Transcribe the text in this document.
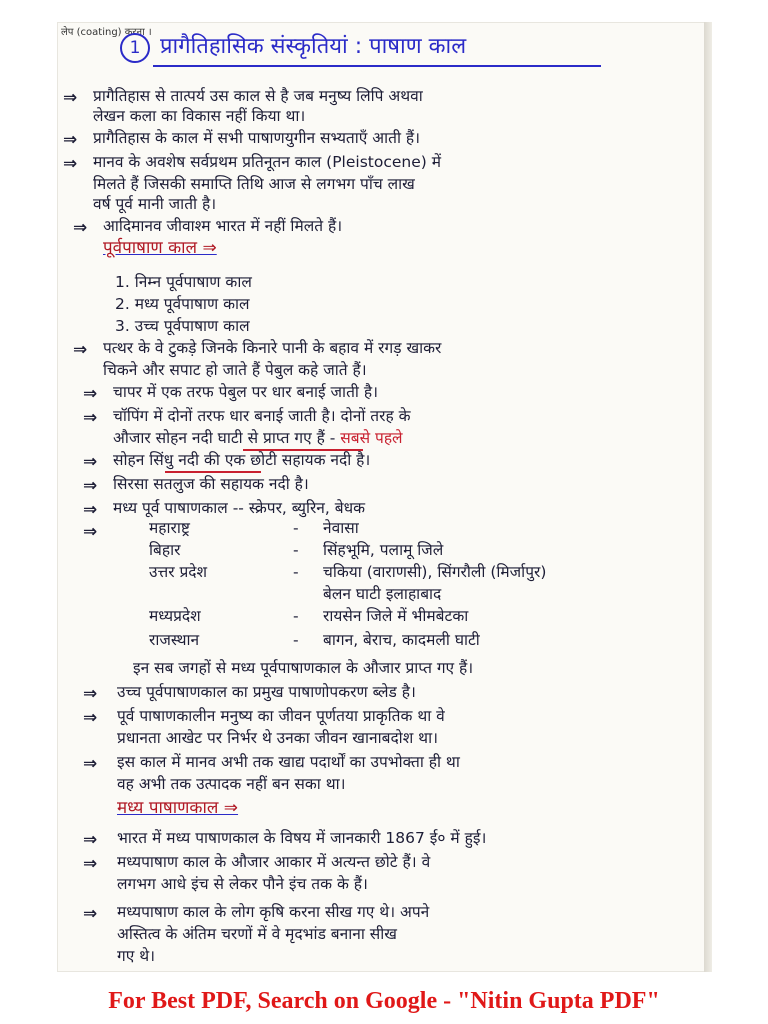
लेप (coating) करना ।
1 प्रागैतिहासिक संस्कृतियां : पाषाण काल
⇒ प्रागैतिहास से तात्पर्य उस काल से है जब मनुष्य लिपि अथवा
लेखन कला का विकास नहीं किया था।
⇒ प्रागैतिहास के काल में सभी पाषाणयुगीन सभ्यताएँ आती हैं।
⇒ मानव के अवशेष सर्वप्रथम प्रतिनूतन काल (Pleistocene) में
मिलते हैं जिसकी समाप्ति तिथि आज से लगभग पाँच लाख
वर्ष पूर्व मानी जाती है।
⇒ आदिमानव जीवाश्म भारत में नहीं मिलते हैं।
पूर्वपाषाण काल ⇒
1. निम्न पूर्वपाषाण काल
2. मध्य पूर्वपाषाण काल
3. उच्च पूर्वपाषाण काल
⇒ पत्थर के वे टुकड़े जिनके किनारे पानी के बहाव में रगड़ खाकर
चिकने और सपाट हो जाते हैं पेबुल कहे जाते हैं।
⇒ चापर में एक तरफ पेबुल पर धार बनाई जाती है।
⇒ चॉपिंग में दोनों तरफ धार बनाई जाती है। दोनों तरह के
औजार सोहन नदी घाटी से प्राप्त गए हैं - सबसे पहले
⇒ सोहन सिंधु नदी की एक छोटी सहायक नदी है।
⇒ सिरसा सतलुज की सहायक नदी है।
⇒ मध्य पूर्व पाषाणकाल -- स्क्रेपर, ब्युरिन, बेधक
⇒	महाराष्ट्र	- नेवासा
बिहार	- सिंहभूमि, पलामू जिले
उत्तर प्रदेश	- चकिया (वाराणसी), सिंगरौली (मिर्जापुर)
बेलन घाटी इलाहाबाद
मध्यप्रदेश	- रायसेन जिले में भीमबेटका
राजस्थान	- बागन, बेराच, कादमली घाटी
इन सब जगहों से मध्य पूर्वपाषाणकाल के औजार प्राप्त गए हैं।
⇒ उच्च पूर्वपाषाणकाल का प्रमुख पाषाणोपकरण ब्लेड है।
⇒ पूर्व पाषाणकालीन मनुष्य का जीवन पूर्णतया प्राकृतिक था वे
प्रधानता आखेट पर निर्भर थे उनका जीवन खानाबदोश था।
⇒ इस काल में मानव अभी तक खाद्य पदार्थों का उपभोक्ता ही था
वह अभी तक उत्पादक नहीं बन सका था।
मध्य पाषाणकाल ⇒
⇒ भारत में मध्य पाषाणकाल के विषय में जानकारी 1867 ई० में हुई।
⇒ मध्यपाषाण काल के औजार आकार में अत्यन्त छोटे हैं। वे
लगभग आधे इंच से लेकर पौने इंच तक के हैं।
⇒ मध्यपाषाण काल के लोग कृषि करना सीख गए थे। अपने
अस्तित्व के अंतिम चरणों में वे मृदभांड बनाना सीख
गए थे।
For Best PDF, Search on Google - "Nitin Gupta PDF"
